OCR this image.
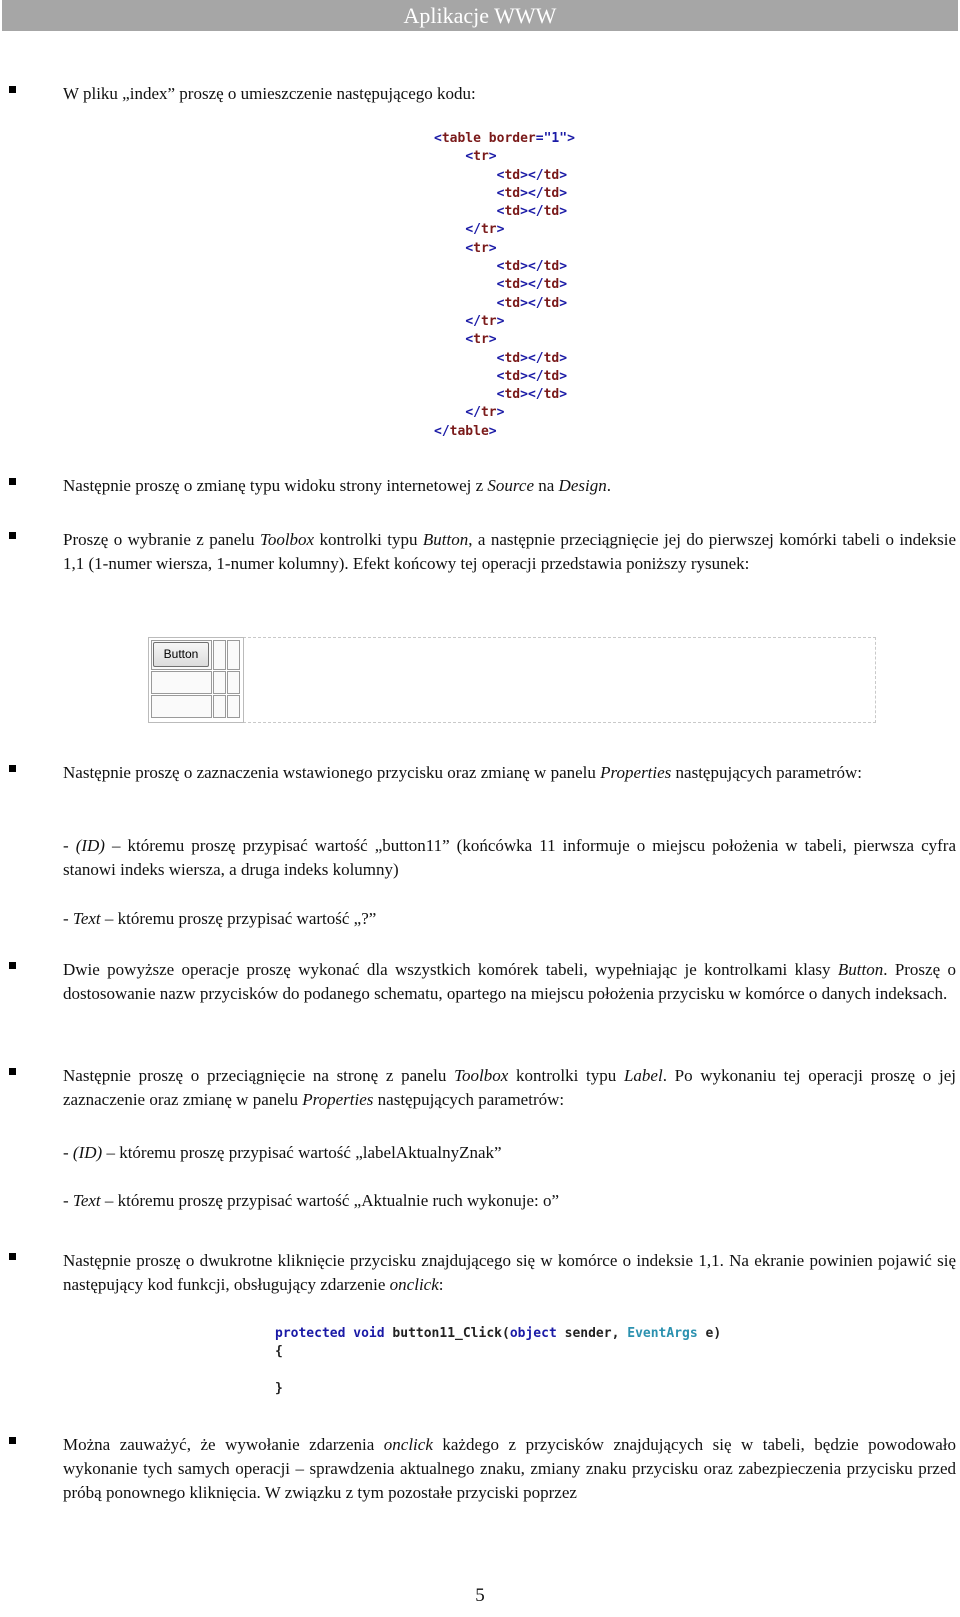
Aplikacje WWW
W pliku „index” proszę o umieszczenie następującego kodu:
<table border="1">
<tr>
<td></td>
<td></td>
<td></td>
</tr>
<tr>
<td></td>
<td></td>
<td></td>
</tr>
<tr>
<td></td>
<td></td>
<td></td>
</tr>
</table>
Następnie proszę o zmianę typu widoku strony internetowej z Source na Design.
Proszę o wybranie z panelu Toolbox kontrolki typu Button, a następnie przeciągnięcie jej do pierwszej komórki tabeli o indeksie 1,1 (1-numer wiersza, 1-numer kolumny). Efekt końcowy tej operacji przedstawia poniższy rysunek:
Button
Następnie proszę o zaznaczenia wstawionego przycisku oraz zmianę w panelu Properties następujących parametrów:
- (ID) – któremu proszę przypisać wartość „button11” (końcówka 11 informuje o miejscu położenia w tabeli, pierwsza cyfra stanowi indeks wiersza, a druga indeks kolumny)
- Text – któremu proszę przypisać wartość „?”
Dwie powyższe operacje proszę wykonać dla wszystkich komórek tabeli, wypełniając je kontrolkami klasy Button. Proszę o dostosowanie nazw przycisków do podanego schematu, opartego na miejscu położenia przycisku w komórce o danych indeksach.
Następnie proszę o przeciągnięcie na stronę z panelu Toolbox kontrolki typu Label. Po wykonaniu tej operacji proszę o jej zaznaczenie oraz zmianę w panelu Properties następujących parametrów:
- (ID) – któremu proszę przypisać wartość „labelAktualnyZnak”
- Text – któremu proszę przypisać wartość „Aktualnie ruch wykonuje: o”
Następnie proszę o dwukrotne kliknięcie przycisku znajdującego się w komórce o indeksie 1,1. Na ekranie powinien pojawić się następujący kod funkcji, obsługujący zdarzenie onclick:
protected void button11_Click(object sender, EventArgs e)
{

}
Można zauważyć, że wywołanie zdarzenia onclick każdego z przycisków znajdujących się w tabeli, będzie powodowało wykonanie tych samych operacji – sprawdzenia aktualnego znaku, zmiany znaku przycisku oraz zabezpieczenia przycisku przed próbą ponownego kliknięcia. W związku z tym pozostałe przyciski poprzez
5
